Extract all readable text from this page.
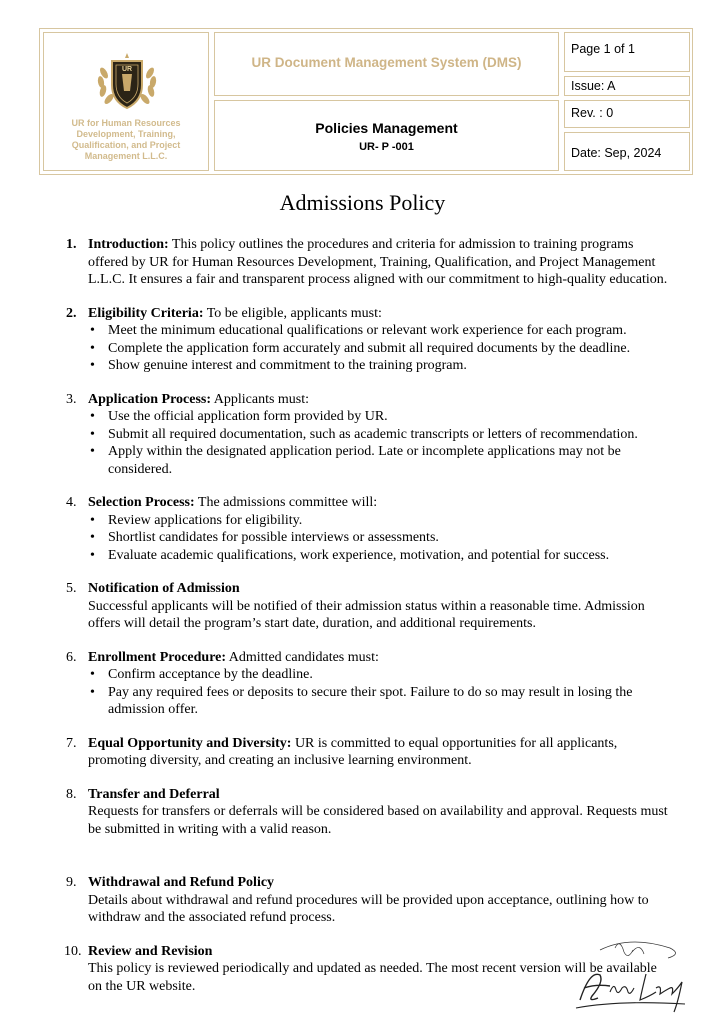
UR
UR for Human Resources Development, Training, Qualification, and Project Management L.L.C.
UR Document Management System (DMS)
Policies Management
UR- P -001
Page 1 of 1
Issue: A
Rev. : 0
Date: Sep, 2024
Admissions Policy
1. Introduction: This policy outlines the procedures and criteria for admission to training programs offered by UR for Human Resources Development, Training, Qualification, and Project Management L.L.C. It ensures a fair and transparent process aligned with our commitment to high-quality education.

2. Eligibility Criteria: To be eligible, applicants must:

• Meet the minimum educational qualifications or relevant work experience for each program.
• Complete the application form accurately and submit all required documents by the deadline.
• Show genuine interest and commitment to the training program.
3. Application Process: Applicants must:

• Use the official application form provided by UR.
• Submit all required documentation, such as academic transcripts or letters of recommendation.
• Apply within the designated application period. Late or incomplete applications may not be considered.
4. Selection Process: The admissions committee will:

• Review applications for eligibility.
• Shortlist candidates for possible interviews or assessments.
• Evaluate academic qualifications, work experience, motivation, and potential for success.
5. Notification of Admission

Successful applicants will be notified of their admission status within a reasonable time. Admission offers will detail the program’s start date, duration, and additional requirements.

6. Enrollment Procedure: Admitted candidates must:

• Confirm acceptance by the deadline.
• Pay any required fees or deposits to secure their spot. Failure to do so may result in losing the admission offer.
7. Equal Opportunity and Diversity: UR is committed to equal opportunities for all applicants, promoting diversity, and creating an inclusive learning environment.

8. Transfer and Deferral

Requests for transfers or deferrals will be considered based on availability and approval. Requests must be submitted in writing with a valid reason.

9. Withdrawal and Refund Policy

Details about withdrawal and refund procedures will be provided upon acceptance, outlining how to withdraw and the associated refund process.

10. Review and Revision

This policy is reviewed periodically and updated as needed. The most recent version will be available on the UR website.
